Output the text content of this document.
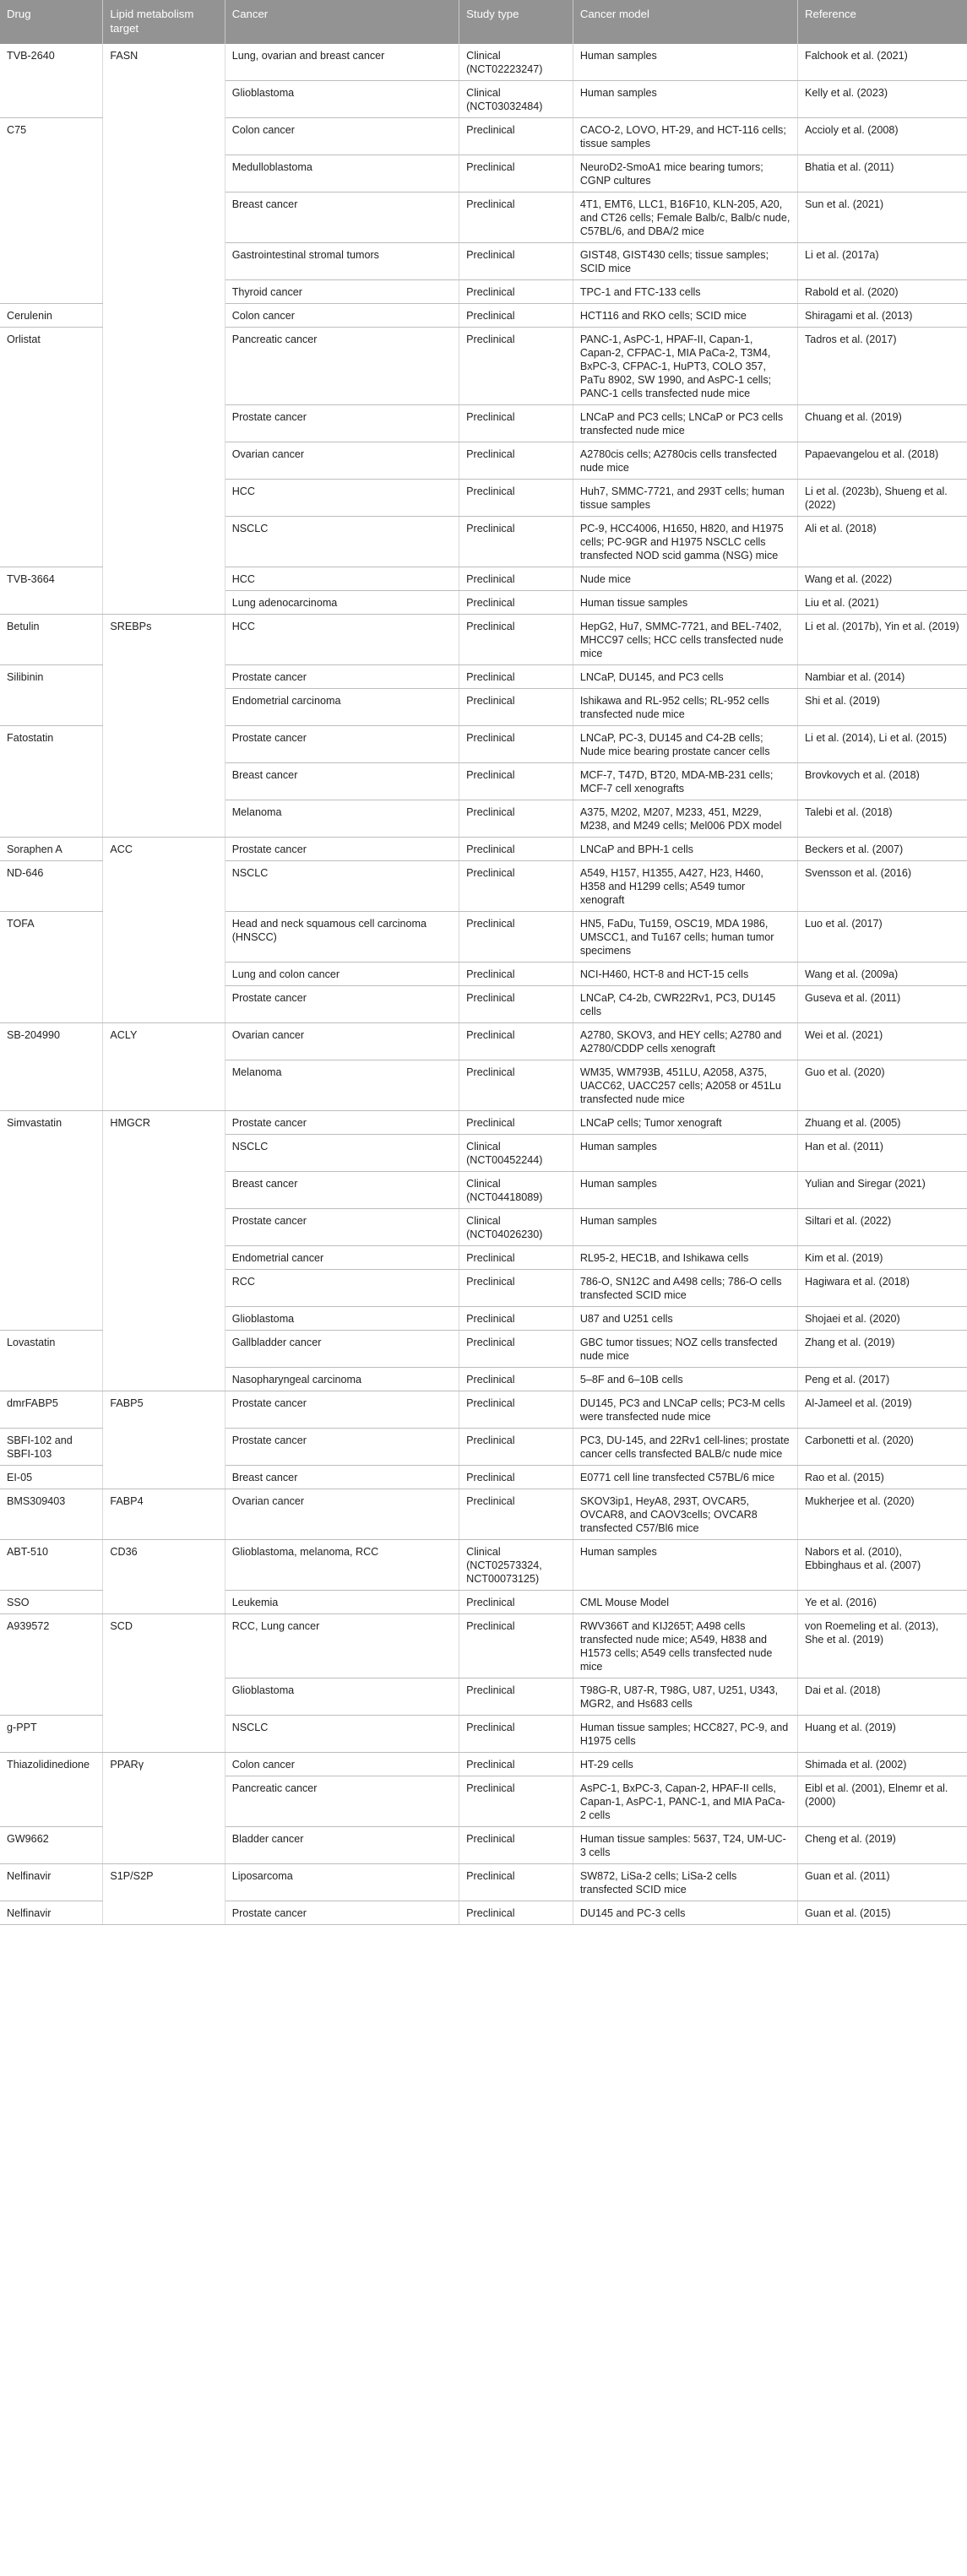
Drug	Lipid metabolism target	Cancer	Study type	Cancer model	Reference
TVB-2640	FASN	Lung, ovarian and breast cancer	Clinical (NCT02223247)	Human samples	Falchook et al. (2021)
		Glioblastoma	Clinical (NCT03032484)	Human samples	Kelly et al. (2023)
C75		Colon cancer	Preclinical	CACO-2, LOVO, HT-29, and HCT-116 cells; tissue samples	Accioly et al. (2008)
		Medulloblastoma	Preclinical	NeuroD2-SmoA1 mice bearing tumors; CGNP cultures	Bhatia et al. (2011)
		Breast cancer	Preclinical	4T1, EMT6, LLC1, B16F10, KLN-205, A20, and CT26 cells; Female Balb/c, Balb/c nude, C57BL/6, and DBA/2 mice	Sun et al. (2021)
		Gastrointestinal stromal tumors	Preclinical	GIST48, GIST430 cells; tissue samples; SCID mice	Li et al. (2017a)
		Thyroid cancer	Preclinical	TPC-1 and FTC-133 cells	Rabold et al. (2020)
Cerulenin		Colon cancer	Preclinical	HCT116 and RKO cells; SCID mice	Shiragami et al. (2013)
Orlistat		Pancreatic cancer	Preclinical	PANC-1, AsPC-1, HPAF-II, Capan-1, Capan-2, CFPAC-1, MIA PaCa-2, T3M4, BxPC-3, CFPAC-1, HuPT3, COLO 357, PaTu 8902, SW 1990, and AsPC-1 cells; PANC-1 cells transfected nude mice	Tadros et al. (2017)
		Prostate cancer	Preclinical	LNCaP and PC3 cells; LNCaP or PC3 cells transfected nude mice	Chuang et al. (2019)
		Ovarian cancer	Preclinical	A2780cis cells; A2780cis cells transfected nude mice	Papaevangelou et al. (2018)
		HCC	Preclinical	Huh7, SMMC-7721, and 293T cells; human tissue samples	Li et al. (2023b), Shueng et al. (2022)
		NSCLC	Preclinical	PC-9, HCC4006, H1650, H820, and H1975 cells; PC-9GR and H1975 NSCLC cells transfected NOD scid gamma (NSG) mice	Ali et al. (2018)
TVB-3664		HCC	Preclinical	Nude mice	Wang et al. (2022)
		Lung adenocarcinoma	Preclinical	Human tissue samples	Liu et al. (2021)
Betulin	SREBPs	HCC	Preclinical	HepG2, Hu7, SMMC-7721, and BEL-7402, MHCC97 cells; HCC cells transfected nude mice	Li et al. (2017b), Yin et al. (2019)
Silibinin		Prostate cancer	Preclinical	LNCaP, DU145, and PC3 cells	Nambiar et al. (2014)
		Endometrial carcinoma	Preclinical	Ishikawa and RL-952 cells; RL-952 cells transfected nude mice	Shi et al. (2019)
Fatostatin		Prostate cancer	Preclinical	LNCaP, PC-3, DU145 and C4-2B cells; Nude mice bearing prostate cancer cells	Li et al. (2014), Li et al. (2015)
		Breast cancer	Preclinical	MCF-7, T47D, BT20, MDA-MB-231 cells; MCF-7 cell xenografts	Brovkovych et al. (2018)
		Melanoma	Preclinical	A375, M202, M207, M233, 451, M229, M238, and M249 cells; Mel006 PDX model	Talebi et al. (2018)
Soraphen A	ACC	Prostate cancer	Preclinical	LNCaP and BPH-1 cells	Beckers et al. (2007)
ND-646		NSCLC	Preclinical	A549, H157, H1355, A427, H23, H460, H358 and H1299 cells; A549 tumor xenograft	Svensson et al. (2016)
TOFA		Head and neck squamous cell carcinoma (HNSCC)	Preclinical	HN5, FaDu, Tu159, OSC19, MDA 1986, UMSCC1, and Tu167 cells; human tumor specimens	Luo et al. (2017)
		Lung and colon cancer	Preclinical	NCI-H460, HCT-8 and HCT-15 cells	Wang et al. (2009a)
		Prostate cancer	Preclinical	LNCaP, C4-2b, CWR22Rv1, PC3, DU145 cells	Guseva et al. (2011)
SB-204990	ACLY	Ovarian cancer	Preclinical	A2780, SKOV3, and HEY cells; A2780 and A2780/CDDP cells xenograft	Wei et al. (2021)
		Melanoma	Preclinical	WM35, WM793B, 451LU, A2058, A375, UACC62, UACC257 cells; A2058 or 451Lu transfected nude mice	Guo et al. (2020)
Simvastatin	HMGCR	Prostate cancer	Preclinical	LNCaP cells; Tumor xenograft	Zhuang et al. (2005)
		NSCLC	Clinical (NCT00452244)	Human samples	Han et al. (2011)
		Breast cancer	Clinical (NCT04418089)	Human samples	Yulian and Siregar (2021)
		Prostate cancer	Clinical (NCT04026230)	Human samples	Siltari et al. (2022)
		Endometrial cancer	Preclinical	RL95-2, HEC1B, and Ishikawa cells	Kim et al. (2019)
		RCC	Preclinical	786-O, SN12C and A498 cells; 786-O cells transfected SCID mice	Hagiwara et al. (2018)
		Glioblastoma	Preclinical	U87 and U251 cells	Shojaei et al. (2020)
Lovastatin		Gallbladder cancer	Preclinical	GBC tumor tissues; NOZ cells transfected nude mice	Zhang et al. (2019)
		Nasopharyngeal carcinoma	Preclinical	5–8F and 6–10B cells	Peng et al. (2017)
dmrFABP5	FABP5	Prostate cancer	Preclinical	DU145, PC3 and LNCaP cells; PC3-M cells were transfected nude mice	Al-Jameel et al. (2019)
SBFI-102 and SBFI-103		Prostate cancer	Preclinical	PC3, DU-145, and 22Rv1 cell-lines; prostate cancer cells transfected BALB/c nude mice	Carbonetti et al. (2020)
EI-05		Breast cancer	Preclinical	E0771 cell line transfected C57BL/6 mice	Rao et al. (2015)
BMS309403	FABP4	Ovarian cancer	Preclinical	SKOV3ip1, HeyA8, 293T, OVCAR5, OVCAR8, and CAOV3cells; OVCAR8 transfected C57/Bl6 mice	Mukherjee et al. (2020)
ABT-510	CD36	Glioblastoma, melanoma, RCC	Clinical (NCT02573324, NCT00073125)	Human samples	Nabors et al. (2010), Ebbinghaus et al. (2007)
SSO		Leukemia	Preclinical	CML Mouse Model	Ye et al. (2016)
A939572	SCD	RCC, Lung cancer	Preclinical	RWV366T and KIJ265T; A498 cells transfected nude mice; A549, H838 and H1573 cells; A549 cells transfected nude mice	von Roemeling et al. (2013), She et al. (2019)
		Glioblastoma	Preclinical	T98G-R, U87-R, T98G, U87, U251, U343, MGR2, and Hs683 cells	Dai et al. (2018)
g-PPT		NSCLC	Preclinical	Human tissue samples; HCC827, PC-9, and H1975 cells	Huang et al. (2019)
Thiazolidinedione	PPARγ	Colon cancer	Preclinical	HT-29 cells	Shimada et al. (2002)
		Pancreatic cancer	Preclinical	AsPC-1, BxPC-3, Capan-2, HPAF-II cells, Capan-1, AsPC-1, PANC-1, and MIA PaCa-2 cells	Eibl et al. (2001), Elnemr et al. (2000)
GW9662		Bladder cancer	Preclinical	Human tissue samples: 5637, T24, UM-UC-3 cells	Cheng et al. (2019)
Nelfinavir	S1P/S2P	Liposarcoma	Preclinical	SW872, LiSa-2 cells; LiSa-2 cells transfected SCID mice	Guan et al. (2011)
Nelfinavir		Prostate cancer	Preclinical	DU145 and PC-3 cells	Guan et al. (2015)
